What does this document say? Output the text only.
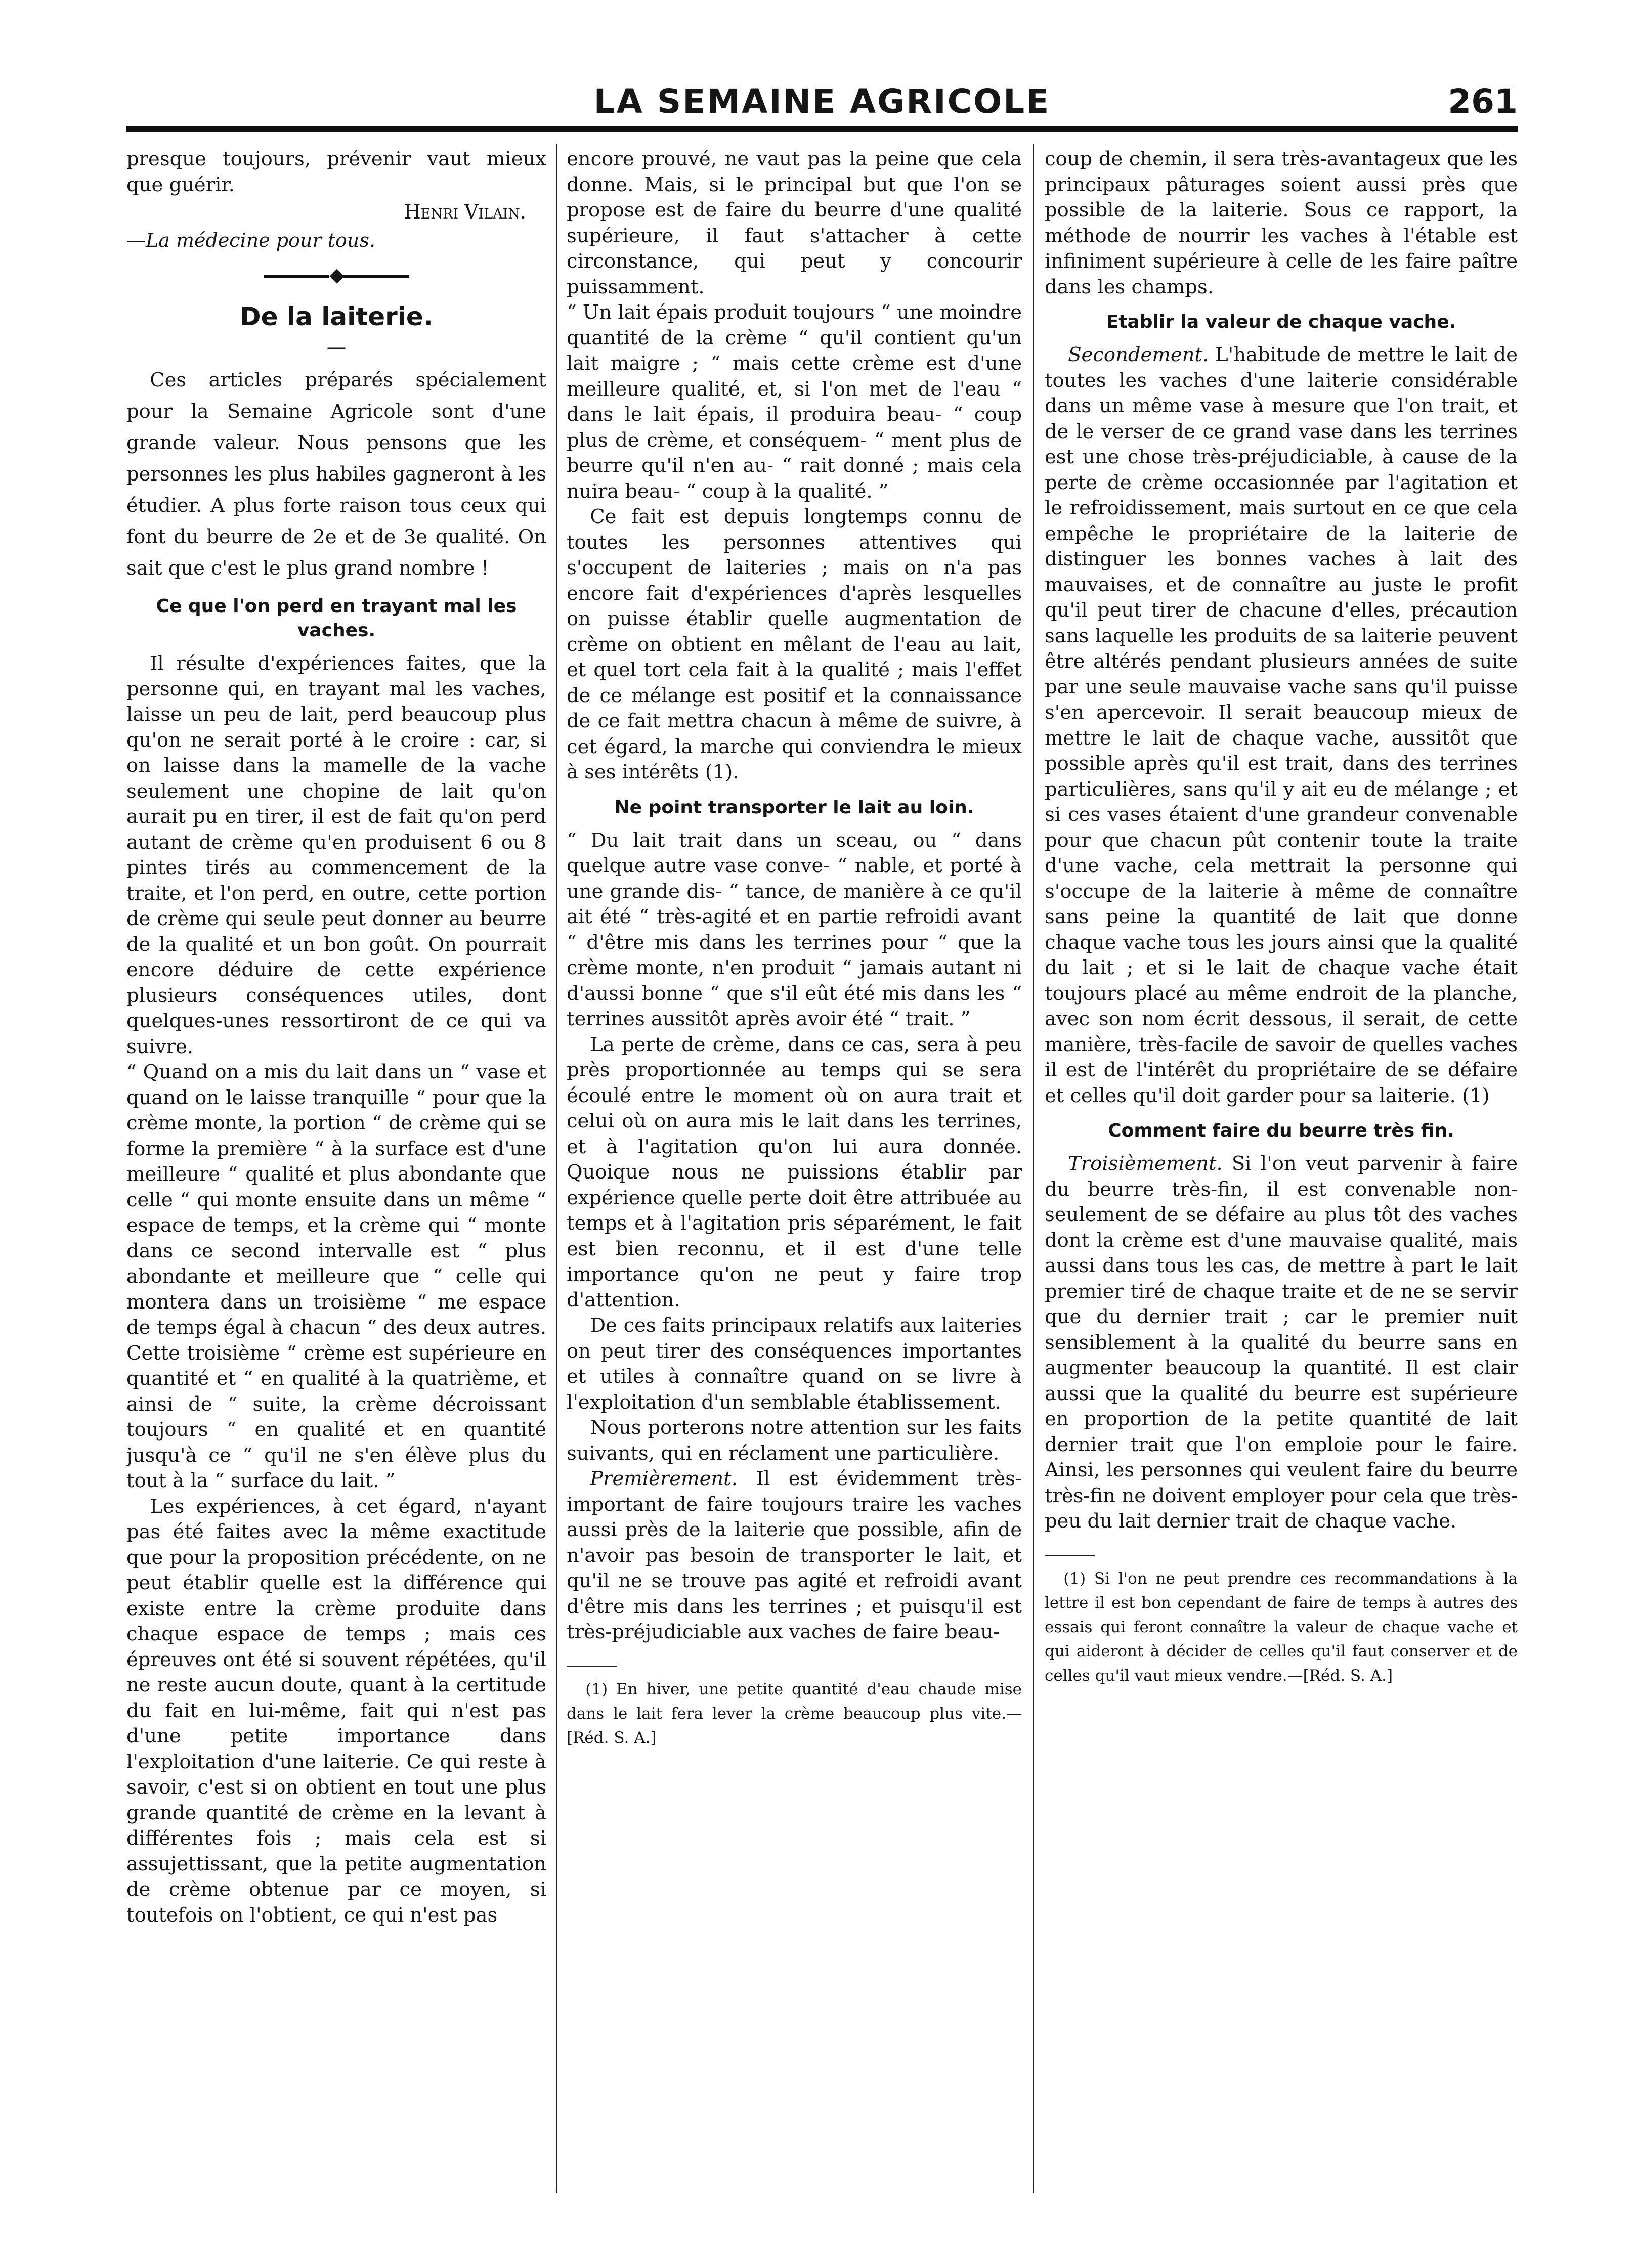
LA SEMAINE AGRICOLE	261

presque toujours, prévenir vaut mieux que guérir.

Henri Vilain.
—La médecine pour tous.
◆
De la laiterie.
—

Ces articles préparés spécialement pour la Semaine Agricole sont d'une grande valeur. Nous pensons que les personnes les plus habiles gagneront à les étudier. A plus forte raison tous ceux qui font du beurre de 2e et de 3e qualité. On sait que c'est le plus grand nombre !

Ce que l'on perd en trayant mal les vaches.

Il résulte d'expériences faites, que la personne qui, en trayant mal les vaches, laisse un peu de lait, perd beaucoup plus qu'on ne serait porté à le croire : car, si on laisse dans la mamelle de la vache seulement une chopine de lait qu'on aurait pu en tirer, il est de fait qu'on perd autant de crème qu'en produisent 6 ou 8 pintes tirés au commencement de la traite, et l'on perd, en outre, cette portion de crème qui seule peut donner au beurre de la qualité et un bon goût. On pourrait encore déduire de cette expérience plusieurs conséquences utiles, dont quelques-unes ressortiront de ce qui va suivre.

“ Quand on a mis du lait dans un “ vase et quand on le laisse tranquille “ pour que la crème monte, la portion “ de crème qui se forme la première “ à la surface est d'une meilleure “ qualité et plus abondante que celle “ qui monte ensuite dans un même “ espace de temps, et la crème qui “ monte dans ce second intervalle est “ plus abondante et meilleure que “ celle qui montera dans un troisième “ me espace de temps égal à chacun “ des deux autres. Cette troisième “ crème est supérieure en quantité et “ en qualité à la quatrième, et ainsi de “ suite, la crème décroissant toujours “ en qualité et en quantité jusqu'à ce “ qu'il ne s'en élève plus du tout à la “ surface du lait. ”

Les expériences, à cet égard, n'ayant pas été faites avec la même exactitude que pour la proposition précédente, on ne peut établir quelle est la différence qui existe entre la crème produite dans chaque espace de temps ; mais ces épreuves ont été si souvent répétées, qu'il ne reste aucun doute, quant à la certitude du fait en lui-même, fait qui n'est pas d'une petite importance dans l'exploitation d'une laiterie. Ce qui reste à savoir, c'est si on obtient en tout une plus grande quantité de crème en la levant à différentes fois ; mais cela est si assujettissant, que la petite augmentation de crème obtenue par ce moyen, si toutefois on l'obtient, ce qui n'est pas

encore prouvé, ne vaut pas la peine que cela donne. Mais, si le principal but que l'on se propose est de faire du beurre d'une qualité supérieure, il faut s'attacher à cette circonstance, qui peut y concourir puissamment.

“ Un lait épais produit toujours “ une moindre quantité de la crème “ qu'il contient qu'un lait maigre ; “ mais cette crème est d'une meilleure qualité, et, si l'on met de l'eau “ dans le lait épais, il produira beau- “ coup plus de crème, et conséquem- “ ment plus de beurre qu'il n'en au- “ rait donné ; mais cela nuira beau- “ coup à la qualité. ”

Ce fait est depuis longtemps connu de toutes les personnes attentives qui s'occupent de laiteries ; mais on n'a pas encore fait d'expériences d'après lesquelles on puisse établir quelle augmentation de crème on obtient en mêlant de l'eau au lait, et quel tort cela fait à la qualité ; mais l'effet de ce mélange est positif et la connaissance de ce fait mettra chacun à même de suivre, à cet égard, la marche qui conviendra le mieux à ses intérêts (1).

Ne point transporter le lait au loin.

“ Du lait trait dans un sceau, ou “ dans quelque autre vase conve- “ nable, et porté à une grande dis- “ tance, de manière à ce qu'il ait été “ très-agité et en partie refroidi avant “ d'être mis dans les terrines pour “ que la crème monte, n'en produit “ jamais autant ni d'aussi bonne “ que s'il eût été mis dans les “ terrines aussitôt après avoir été “ trait. ”

La perte de crème, dans ce cas, sera à peu près proportionnée au temps qui se sera écoulé entre le moment où on aura trait et celui où on aura mis le lait dans les terrines, et à l'agitation qu'on lui aura donnée. Quoique nous ne puissions établir par expérience quelle perte doit être attribuée au temps et à l'agitation pris séparément, le fait est bien reconnu, et il est d'une telle importance qu'on ne peut y faire trop d'attention.

De ces faits principaux relatifs aux laiteries on peut tirer des conséquences importantes et utiles à connaître quand on se livre à l'exploitation d'un semblable établissement.

Nous porterons notre attention sur les faits suivants, qui en réclament une particulière.

Premièrement. Il est évidemment très-important de faire toujours traire les vaches aussi près de la laiterie que possible, afin de n'avoir pas besoin de transporter le lait, et qu'il ne se trouve pas agité et refroidi avant d'être mis dans les terrines ; et puisqu'il est très-préjudiciable aux vaches de faire beau-

(1) En hiver, une petite quantité d'eau chaude mise dans le lait fera lever la crème beaucoup plus vite.—[Réd. S. A.]

coup de chemin, il sera très-avantageux que les principaux pâturages soient aussi près que possible de la laiterie. Sous ce rapport, la méthode de nourrir les vaches à l'étable est infiniment supérieure à celle de les faire paître dans les champs.

Etablir la valeur de chaque vache.

Secondement. L'habitude de mettre le lait de toutes les vaches d'une laiterie considérable dans un même vase à mesure que l'on trait, et de le verser de ce grand vase dans les terrines est une chose très-préjudiciable, à cause de la perte de crème occasionnée par l'agitation et le refroidissement, mais surtout en ce que cela empêche le propriétaire de la laiterie de distinguer les bonnes vaches à lait des mauvaises, et de connaître au juste le profit qu'il peut tirer de chacune d'elles, précaution sans laquelle les produits de sa laiterie peuvent être altérés pendant plusieurs années de suite par une seule mauvaise vache sans qu'il puisse s'en apercevoir. Il serait beaucoup mieux de mettre le lait de chaque vache, aussitôt que possible après qu'il est trait, dans des terrines particulières, sans qu'il y ait eu de mélange ; et si ces vases étaient d'une grandeur convenable pour que chacun pût contenir toute la traite d'une vache, cela mettrait la personne qui s'occupe de la laiterie à même de connaître sans peine la quantité de lait que donne chaque vache tous les jours ainsi que la qualité du lait ; et si le lait de chaque vache était toujours placé au même endroit de la planche, avec son nom écrit dessous, il serait, de cette manière, très-facile de savoir de quelles vaches il est de l'intérêt du propriétaire de se défaire et celles qu'il doit garder pour sa laiterie. (1)

Comment faire du beurre très fin.

Troisièmement. Si l'on veut parvenir à faire du beurre très-fin, il est convenable non-seulement de se défaire au plus tôt des vaches dont la crème est d'une mauvaise qualité, mais aussi dans tous les cas, de mettre à part le lait premier tiré de chaque traite et de ne se servir que du dernier trait ; car le premier nuit sensiblement à la qualité du beurre sans en augmenter beaucoup la quantité. Il est clair aussi que la qualité du beurre est supérieure en proportion de la petite quantité de lait dernier trait que l'on emploie pour le faire. Ainsi, les personnes qui veulent faire du beurre très-fin ne doivent employer pour cela que très-peu du lait dernier trait de chaque vache.

(1) Si l'on ne peut prendre ces recommandations à la lettre il est bon cependant de faire de temps à autres des essais qui feront connaître la valeur de chaque vache et qui aideront à décider de celles qu'il faut conserver et de celles qu'il vaut mieux vendre.—[Réd. S. A.]
